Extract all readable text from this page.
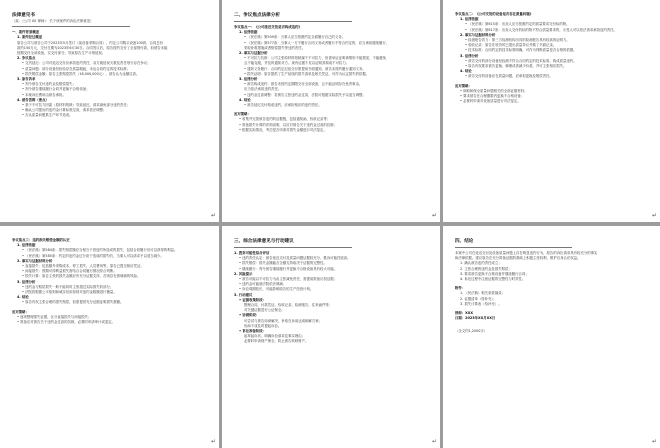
法律意见书
（致：《公司 XX 律师》：关于该案件的诉讼法律意见）
一、案件背景概述
1. 案件经过概述
原告公司与被告公司于2023年5月签订《某设备采购合同》，约定公司购买设备100套，合同总价
款约150万元，交付日期为2023年6月30日。合同签订后，原告按约支付了全部预付款，但被告未能
按期交付全部设备，仅交付部分，导致原告生产计划延误。
2. 争议焦点
• 交货延迟：公司对延迟交付应承担违约责任，双方就延误天数及责任划分存在争议；
• 质量问题：部分设备经检验存在质量瑕疵，未达合同约定的技术标准；
• 损失赔偿金额：原告主张赔偿损失（16,000,000元），被告认为金额过高。
3. 原告诉求
• 判令被告支付违约金及赔偿损失；
• 判令被告继续履行合同并更换不合格设备；
• 本案诉讼费用由被告承担。
4. 被告答辩（要点）
• 基于不可抗力因素（原材料短缺）导致延迟，请求减免部分违约责任；
• 确认公司提出的违约金计算标准过高，请求依法调整；
• 否认质量问题系生产环节造成。
↵
二、争议焦点法律分析
争议焦点一：《公司延迟交货是否构成违约》
1. 法律依据
• 《民法典》第509条：当事人应当按照约定全面履行自己的义务。
• 《民法典》第577条：当事人一方不履行合同义务或者履行不符合约定的，应当承担继续履行、
采取补救措施或者赔偿损失等违约责任。
2. 事实与证据分析
• 不可抗力抗辩：公司主张原材料短缺属于不可抗力，但需举证证明该情形不能预见、不能避免
且不能克服，并及时通知对方。现有证据不足以证明其构成不可抗力。
• 通知义务履行：合同约定迟延交付需提前书面通知，被告未按约履行通知义务。
• 损失证明：原告提供了生产延误的损失清单及相关凭证，可作为认定损失的依据。
3. 法律分析
• 被告构成违约：被告未按约定期限交付全部设备，且不能证明存在免责事由，
应当依法承担违约责任。
• 违约金过高调整：若被告主张违约金过高，法院可根据实际损失予以适当调整。
4. 结论
• 被告延迟交付构成违约，应承担相应的违约责任。
应对策略：
• 收集并完善被告违约的证据链，包括通知函、验收记录等；
• 准备损失计算的详细说明，以应对被告关于违约金过高的抗辩；
• 根据实际情况，考虑是否申请对损失金额进行司法鉴定。
↵
争议焦点二：《公司交货的设备是否存在质量问题》
1. 法律依据
• 《民法典》第615条：出卖人应当按照约定的质量要求交付标的物。
• 《民法典》第617条：出卖人交付的标的物不符合质量要求的，买受人可以依法请求承担违约责任。
2. 事实与证据材料分析
• 检测报告效力：第三方检测机构出具的检测报告具有较高的证明力。
• 验收记录：原告在收货时已提出质量异议并做了书面记录。
• 技术标准：合同约定的技术标准明确，可作为判断质量是否合格的依据。
3. 法律分析
• 被告交付的部分设备经检测不符合合同约定的技术标准，构成质量违约。
• 原告有权要求被告更换、修理或者减少价款，并可主张相应损失。
4. 结论
• 被告交付的设备存在质量问题，应承担更换及赔偿责任。
应对策略：
• 调取和保全质量问题相关的全部证据材料；
• 要求被告在合理期限内更换不合格设备；
• 必要时申请对设备质量进行司法鉴定。
↵
争议焦点三：违约损失赔偿金额的认定
1. 法律依据
• 《民法典》第584条：损失赔偿额应当相当于因违约所造成的损失，包括合同履行后可以获得的利益。
• 《民法典》第585条：约定的违约金过分高于造成的损失的，当事人可以请求予以适当减少。
2. 事实与证据材料分析
• 直接损失：包括额外采购成本、停工损失、人员费用等，原告已提交相应凭证。
• 间接损失：预期可得利益损失需结合合同履行情况综合判断。
• 损失计算：原告主张的损失金额应有充分证据支持，否则存在被调减的风险。
3. 法律分析
• 违约金与赔偿损失一般不能同时主张超过实际损失的部分。
• 法院将根据公平原则和诚实信用原则对违约金数额进行衡量。
4. 结论
• 原告有权主张合理的损失赔偿，但需提供充分证据证明损失数额。
应对策略：
• 逐项整理损失证据，区分直接损失与间接损失；
• 准备应对被告关于违约金过高的抗辩，必要时申请审计或鉴定。
↵
三、综合法律意见与行动建议
1. 胜诉可能性综合评估
• 违约责任认定：被告延迟交付及质量问题证据较充分，胜诉可能性较高。
• 损失赔偿：损失金额能否全额支持取决于证据的完整性。
• 继续履行：判令被告继续履行并更换不合格设备具有较大可能。
2. 风险提示
• 被告可能以不可抗力为由主张减免责任，需提前准备反驳证据；
• 违约金可能被法院依法调减；
• 诉讼周期较长，可能影响原告的生产经营计划。
3. 行动建议
• 证据收集阶段：
整理合同、付款凭证、验收记录、检测报告、往来函件等；
对关键证据进行公证保全。
• 协商阶段：
可尝试与被告协商解决，争取在诉前达成和解方案；
协商不成及时提起诉讼。
• 诉讼准备阶段：
起草起诉状，明确诉讼请求及事实理由；
必要时申请财产保全，防止被告转移财产。
↵
四、结论
本案中公司在延迟交付及设备质量问题上存在明显违约行为，原告的诉讼请求具有较充分的事实
和法律依据。建议原告在充分准备证据的基础上积极主张权利，维护自身合法权益。
1. 确认被告违约责任成立；
2. 主张合理的违约金及损失赔偿；
3. 要求被告更换不合格设备并继续履行合同；
4. 诉讼过程中注意证据的完整性与时效性。
附件：
1. 《民法典》相关条款摘录；
2. 证据清单（待补充）；
3. 损失计算表（待补充）。
律师：XXX
日期：2023年XX月XX日
（全文约1,2000字）
↵
